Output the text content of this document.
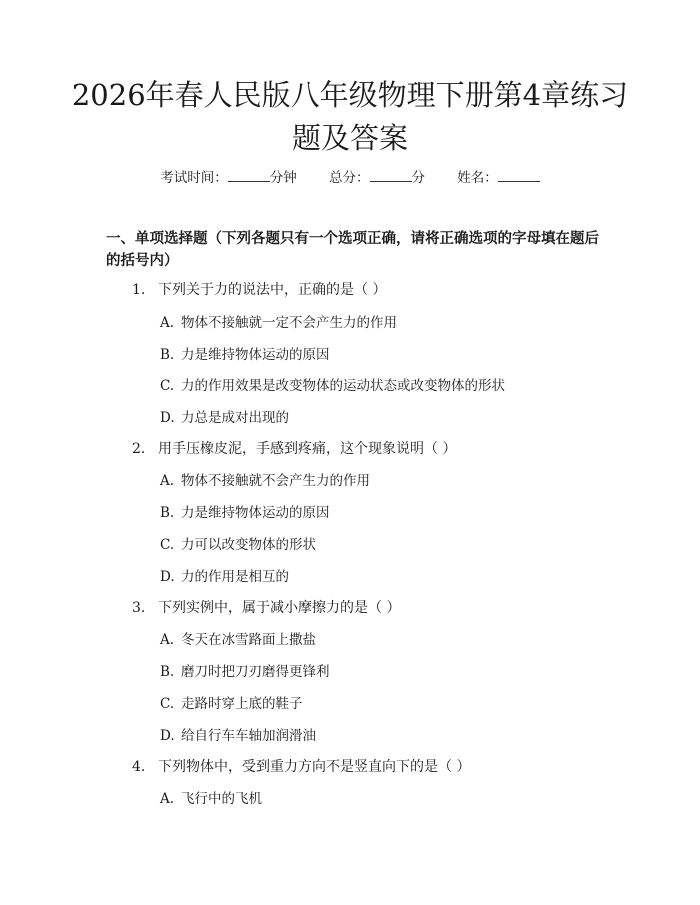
2026年春人民版八年级物理下册第4章练习
题及答案
考试时间：	分钟 总分：	分 姓名：
一、单项选择题（下列各题只有一个选项正确，请将正确选项的字母填在题后的括号内）
1. 下列关于力的说法中，正确的是（ ）
A. 物体不接触就一定不会产生力的作用
B. 力是维持物体运动的原因
C. 力的作用效果是改变物体的运动状态或改变物体的形状
D. 力总是成对出现的
2. 用手压橡皮泥，手感到疼痛，这个现象说明（ ）
A. 物体不接触就不会产生力的作用
B. 力是维持物体运动的原因
C. 力可以改变物体的形状
D. 力的作用是相互的
3. 下列实例中，属于减小摩擦力的是（ ）
A. 冬天在冰雪路面上撒盐
B. 磨刀时把刀刃磨得更锋利
C. 走路时穿上底的鞋子
D. 给自行车车轴加润滑油
4. 下列物体中，受到重力方向不是竖直向下的是（ ）
A. 飞行中的飞机
